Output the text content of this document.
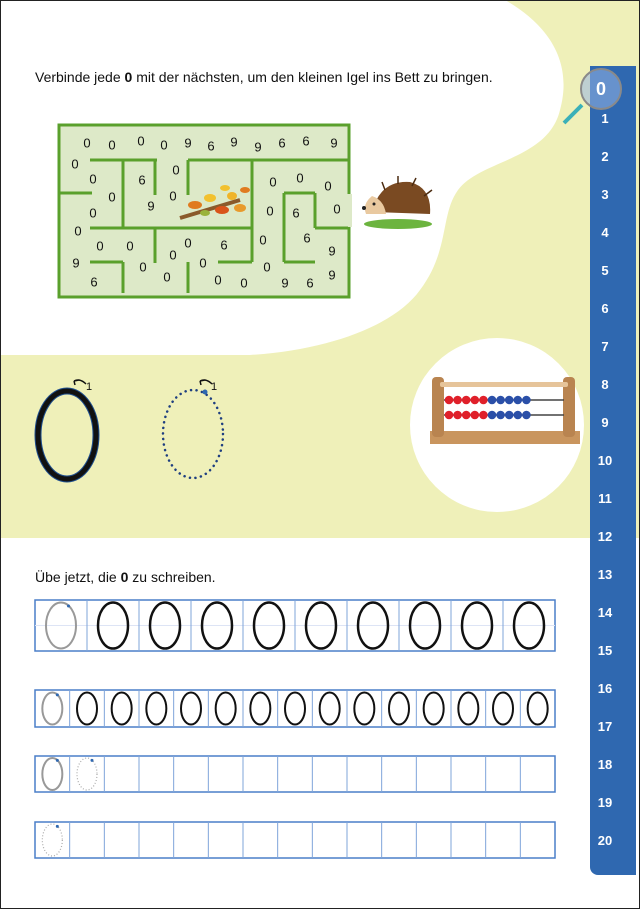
Verbinde jede 0 mit der nächsten, um den kleinen Igel ins Bett zu bringen.
0 0 0 0 9 6 9 9 6 6 9
0
0	6
0
0
9
0
0
0 0
0
0 6	0
0
0 0	0 6
0
0	6
9
9	0	0	0
6	0	0 0	9 6
9
1	1
1
2
3
4
5
6
7
8
9
10
11
12
13
14
15
16
17
18
19
20
0
Übe jetzt, die 0 zu schreiben.
